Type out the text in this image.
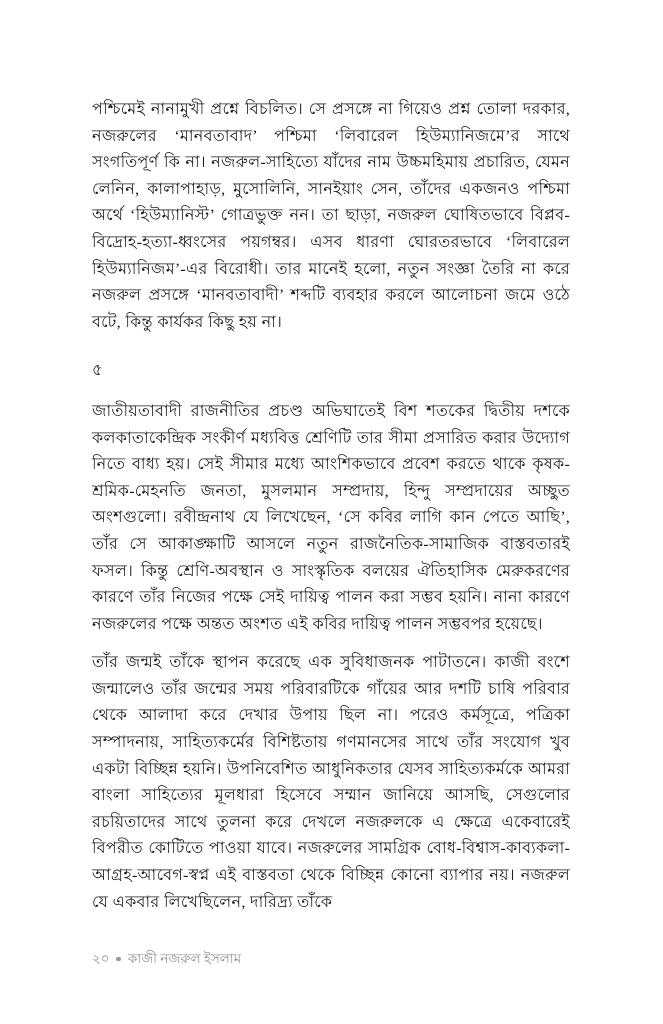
পশ্চিমেই নানামুখী প্রশ্নে বিচলিত। সে প্রসঙ্গে না গিয়েও প্রশ্ন তোলা দরকার, নজরুলের ‘মানবতাবাদ’ পশ্চিমা ‘লিবারেল হিউম্যানিজমে’র সাথে সংগতিপূর্ণ কি না। নজরুল-সাহিত্যে যাঁদের নাম উচ্চমহিমায় প্রচারিত, যেমন লেনিন, কালাপাহাড়, মুসোলিনি, সানইয়াং সেন, তাঁদের একজনও পশ্চিমা অর্থে ‘হিউম্যানিস্ট’ গোত্রভুক্ত নন। তা ছাড়া, নজরুল ঘোষিতভাবে বিপ্লব-বিদ্রোহ-হত্যা-ধ্বংসের পয়গম্বর। এসব ধারণা ঘোরতরভাবে ‘লিবারেল হিউম্যানিজম’-এর বিরোধী। তার মানেই হলো, নতুন সংজ্ঞা তৈরি না করে নজরুল প্রসঙ্গে ‘মানবতাবাদী’ শব্দটি ব্যবহার করলে আলোচনা জমে ওঠে বটে, কিন্তু কার্যকর কিছু হয় না।

৫

জাতীয়তাবাদী রাজনীতির প্রচণ্ড অভিঘাতেই বিশ শতকের দ্বিতীয় দশকে কলকাতাকেন্দ্রিক সংকীর্ণ মধ্যবিত্ত শ্রেণিটি তার সীমা প্রসারিত করার উদ্যোগ নিতে বাধ্য হয়। সেই সীমার মধ্যে আংশিকভাবে প্রবেশ করতে থাকে কৃষক-শ্রমিক-মেহনতি জনতা, মুসলমান সম্প্রদায়, হিন্দু সম্প্রদায়ের অচ্ছুত অংশগুলো। রবীন্দ্রনাথ যে লিখেছেন, ‘সে কবির লাগি কান পেতে আছি’, তাঁর সে আকাঙ্ক্ষাটি আসলে নতুন রাজনৈতিক-সামাজিক বাস্তবতারই ফসল। কিন্তু শ্রেণি-অবস্থান ও সাংস্কৃতিক বলয়ের ঐতিহাসিক মেরুকরণের কারণে তাঁর নিজের পক্ষে সেই দায়িত্ব পালন করা সম্ভব হয়নি। নানা কারণে নজরুলের পক্ষে অন্তত অংশত এই কবির দায়িত্ব পালন সম্ভবপর হয়েছে।

তাঁর জন্মই তাঁকে স্থাপন করেছে এক সুবিধাজনক পাটাতনে। কাজী বংশে জন্মালেও তাঁর জন্মের সময় পরিবারটিকে গাঁয়ের আর দশটি চাষি পরিবার থেকে আলাদা করে দেখার উপায় ছিল না। পরেও কর্মসূত্রে, পত্রিকা সম্পাদনায়, সাহিত্যকর্মের বিশিষ্টতায় গণমানসের সাথে তাঁর সংযোগ খুব একটা বিচ্ছিন্ন হয়নি। উপনিবেশিত আধুনিকতার যেসব সাহিত্যকর্মকে আমরা বাংলা সাহিত্যের মূলধারা হিসেবে সম্মান জানিয়ে আসছি, সেগুলোর রচয়িতাদের সাথে তুলনা করে দেখলে নজরুলকে এ ক্ষেত্রে একেবারেই বিপরীত কোটিতে পাওয়া যাবে। নজরুলের সামগ্রিক বোধ-বিশ্বাস-কাব্যকলা-আগ্রহ-আবেগ-স্বপ্ন এই বাস্তবতা থেকে বিচ্ছিন্ন কোনো ব্যাপার নয়। নজরুল যে একবার লিখেছিলেন, দারিদ্র্য তাঁকে

২০ কাজী নজরুল ইসলাম
